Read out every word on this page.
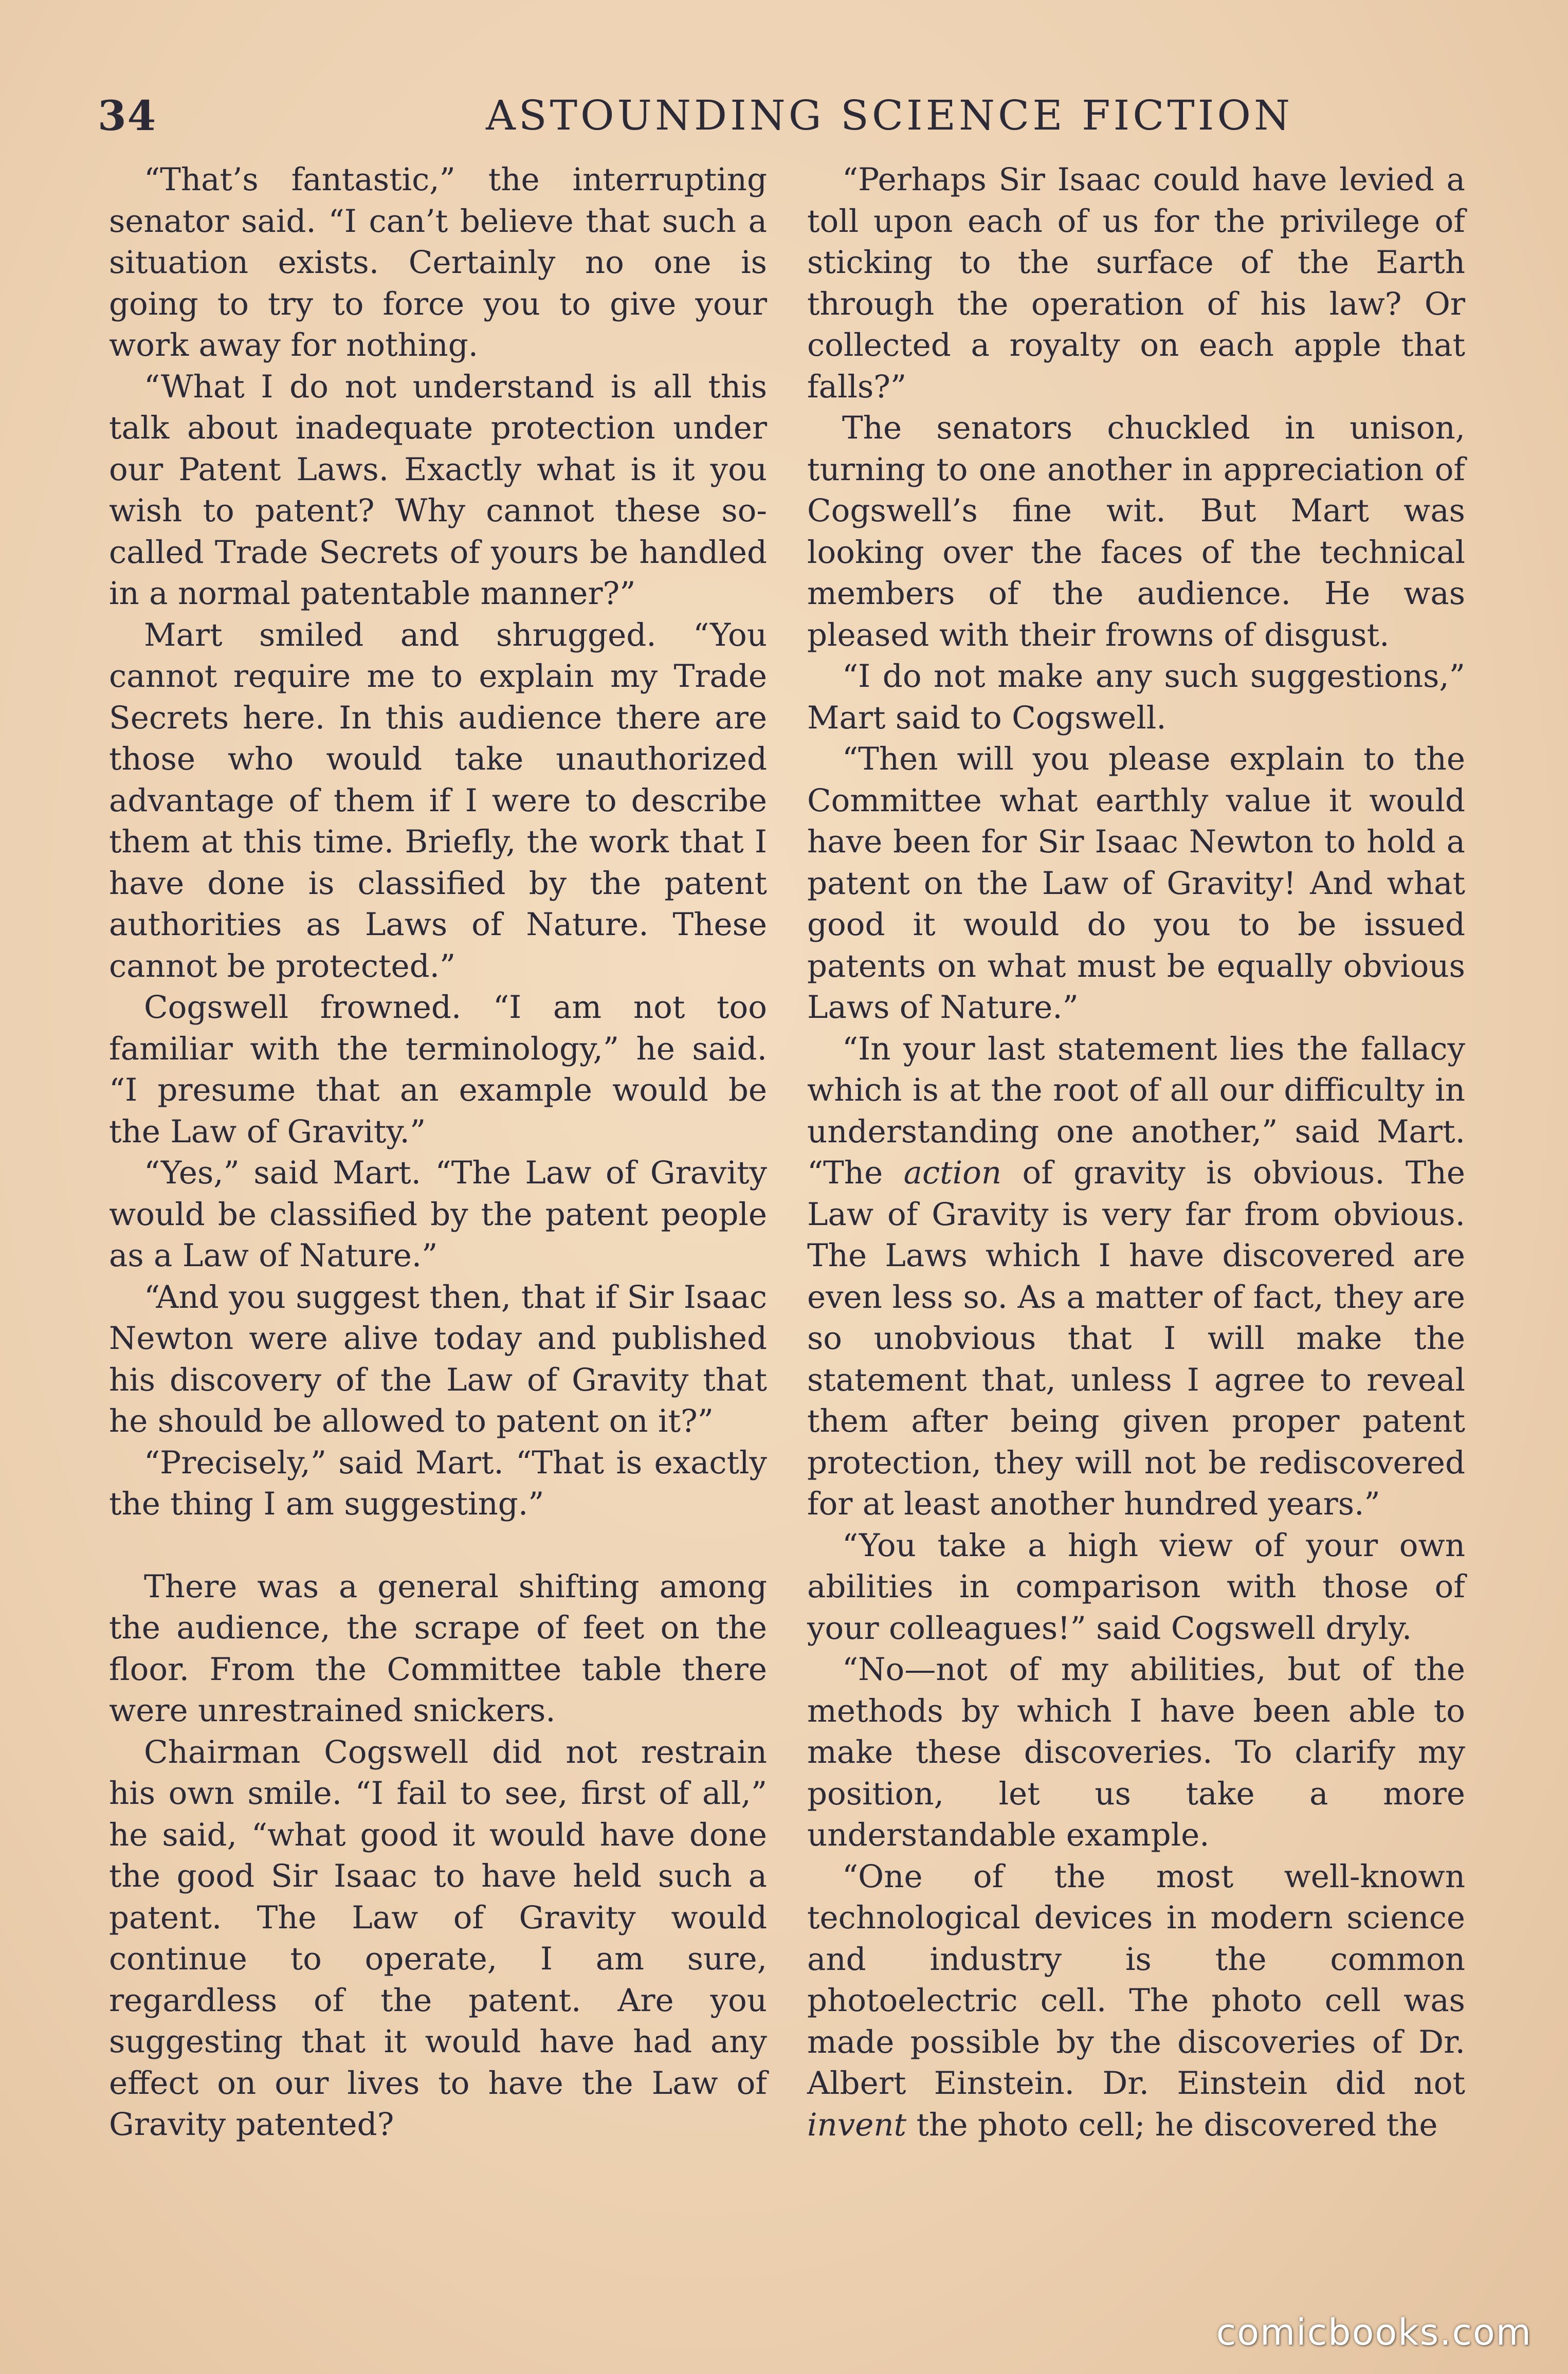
34	ASTOUNDING SCIENCE FICTION

“That’s fantastic,” the interrupting senator said. “I can’t believe that such a situation exists. Certainly no one is going to try to force you to give your work away for nothing.

“What I do not understand is all this talk about inadequate protection under our Patent Laws. Exactly what is it you wish to patent? Why cannot these so-called Trade Secrets of yours be handled in a normal patentable manner?”

Mart smiled and shrugged. “You cannot require me to explain my Trade Secrets here. In this audience there are those who would take unauthorized advantage of them if I were to describe them at this time. Briefly, the work that I have done is classified by the patent authorities as Laws of Nature. These cannot be protected.”

Cogswell frowned. “I am not too familiar with the terminology,” he said. “I presume that an example would be the Law of Gravity.”

“Yes,” said Mart. “The Law of Gravity would be classified by the patent people as a Law of Nature.”

“And you suggest then, that if Sir Isaac Newton were alive today and published his discovery of the Law of Gravity that he should be allowed to patent on it?”

“Precisely,” said Mart. “That is exactly the thing I am suggesting.”

There was a general shifting among the audience, the scrape of feet on the floor. From the Committee table there were unrestrained snickers.

Chairman Cogswell did not restrain his own smile. “I fail to see, first of all,” he said, “what good it would have done the good Sir Isaac to have held such a patent. The Law of Gravity would continue to operate, I am sure, regardless of the patent. Are you suggesting that it would have had any effect on our lives to have the Law of Gravity patented?

“Perhaps Sir Isaac could have levied a toll upon each of us for the privilege of sticking to the surface of the Earth through the operation of his law? Or collected a royalty on each apple that falls?”

The senators chuckled in unison, turning to one another in appreciation of Cogswell’s fine wit. But Mart was looking over the faces of the technical members of the audience. He was pleased with their frowns of disgust.

“I do not make any such suggestions,” Mart said to Cogswell.

“Then will you please explain to the Committee what earthly value it would have been for Sir Isaac Newton to hold a patent on the Law of Gravity! And what good it would do you to be issued patents on what must be equally obvious Laws of Nature.”

“In your last statement lies the fallacy which is at the root of all our difficulty in understanding one another,” said Mart. “The action of gravity is obvious. The Law of Gravity is very far from obvious. The Laws which I have discovered are even less so. As a matter of fact, they are so unobvious that I will make the statement that, unless I agree to reveal them after being given proper patent protection, they will not be rediscovered for at least another hundred years.”

“You take a high view of your own abilities in comparison with those of your colleagues!” said Cogswell dryly.

“No—not of my abilities, but of the methods by which I have been able to make these discoveries. To clarify my position, let us take a more understandable example.

“One of the most well-known technological devices in modern science and industry is the common photoelectric cell. The photo cell was made possible by the discoveries of Dr. Albert Einstein. Dr. Einstein did not invent the photo cell; he discovered the

comicbooks.com
